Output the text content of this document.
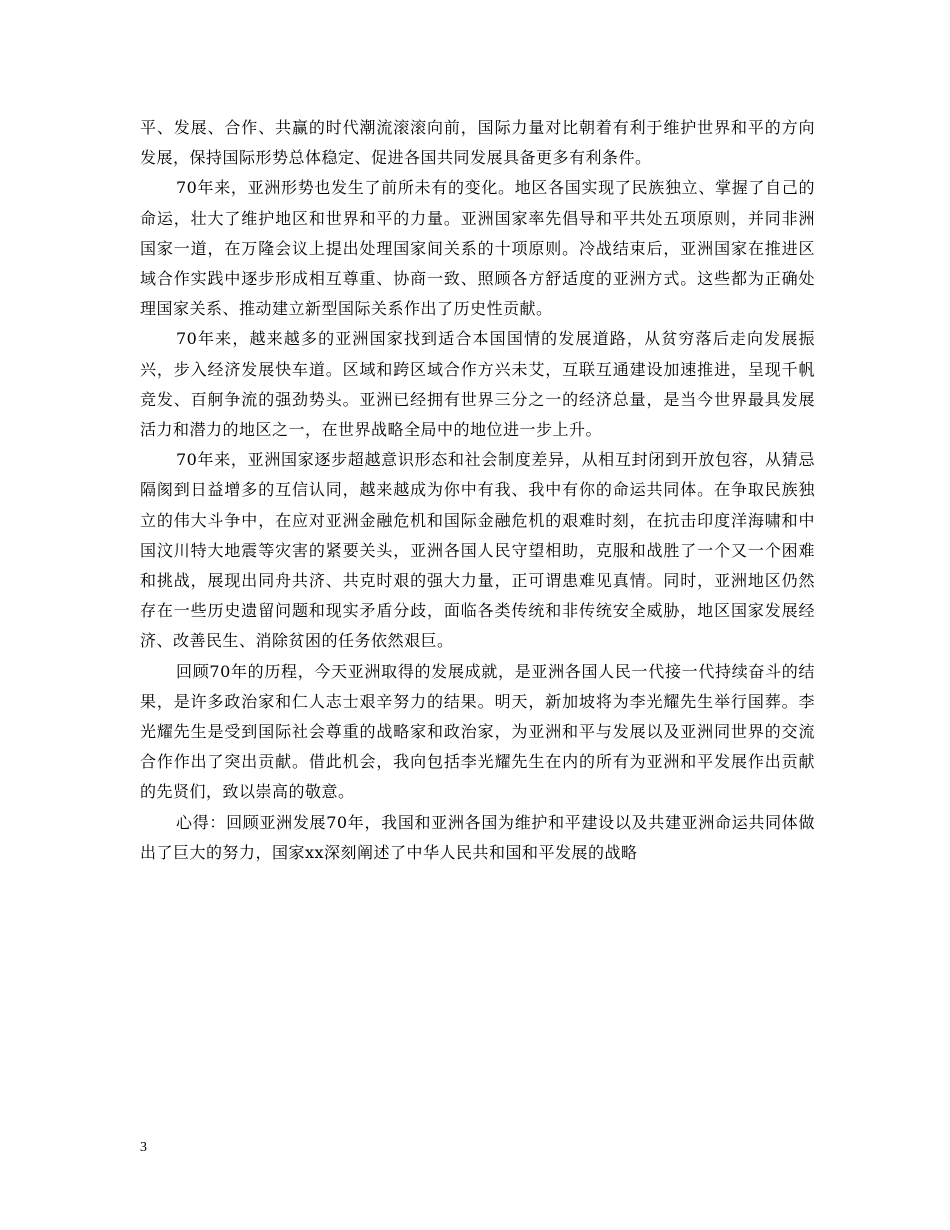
平、发展、合作、共赢的时代潮流滚滚向前，国际力量对比朝着有利于维护世界和平的方向发展，保持国际形势总体稳定、促进各国共同发展具备更多有利条件。

70年来，亚洲形势也发生了前所未有的变化。地区各国实现了民族独立、掌握了自己的命运，壮大了维护地区和世界和平的力量。亚洲国家率先倡导和平共处五项原则，并同非洲国家一道，在万隆会议上提出处理国家间关系的十项原则。冷战结束后，亚洲国家在推进区域合作实践中逐步形成相互尊重、协商一致、照顾各方舒适度的亚洲方式。这些都为正确处理国家关系、推动建立新型国际关系作出了历史性贡献。

70年来，越来越多的亚洲国家找到适合本国国情的发展道路，从贫穷落后走向发展振兴，步入经济发展快车道。区域和跨区域合作方兴未艾，互联互通建设加速推进，呈现千帆竞发、百舸争流的强劲势头。亚洲已经拥有世界三分之一的经济总量，是当今世界最具发展活力和潜力的地区之一，在世界战略全局中的地位进一步上升。

70年来，亚洲国家逐步超越意识形态和社会制度差异，从相互封闭到开放包容，从猜忌隔阂到日益增多的互信认同，越来越成为你中有我、我中有你的命运共同体。在争取民族独立的伟大斗争中，在应对亚洲金融危机和国际金融危机的艰难时刻，在抗击印度洋海啸和中国汶川特大地震等灾害的紧要关头，亚洲各国人民守望相助，克服和战胜了一个又一个困难和挑战，展现出同舟共济、共克时艰的强大力量，正可谓患难见真情。同时，亚洲地区仍然存在一些历史遗留问题和现实矛盾分歧，面临各类传统和非传统安全威胁，地区国家发展经济、改善民生、消除贫困的任务依然艰巨。

回顾70年的历程，今天亚洲取得的发展成就，是亚洲各国人民一代接一代持续奋斗的结果，是许多政治家和仁人志士艰辛努力的结果。明天，新加坡将为李光耀先生举行国葬。李光耀先生是受到国际社会尊重的战略家和政治家，为亚洲和平与发展以及亚洲同世界的交流合作作出了突出贡献。借此机会，我向包括李光耀先生在内的所有为亚洲和平发展作出贡献的先贤们，致以崇高的敬意。

心得：回顾亚洲发展70年，我国和亚洲各国为维护和平建设以及共建亚洲命运共同体做出了巨大的努力，国家xx深刻阐述了中华人民共和国和平发展的战略

3
